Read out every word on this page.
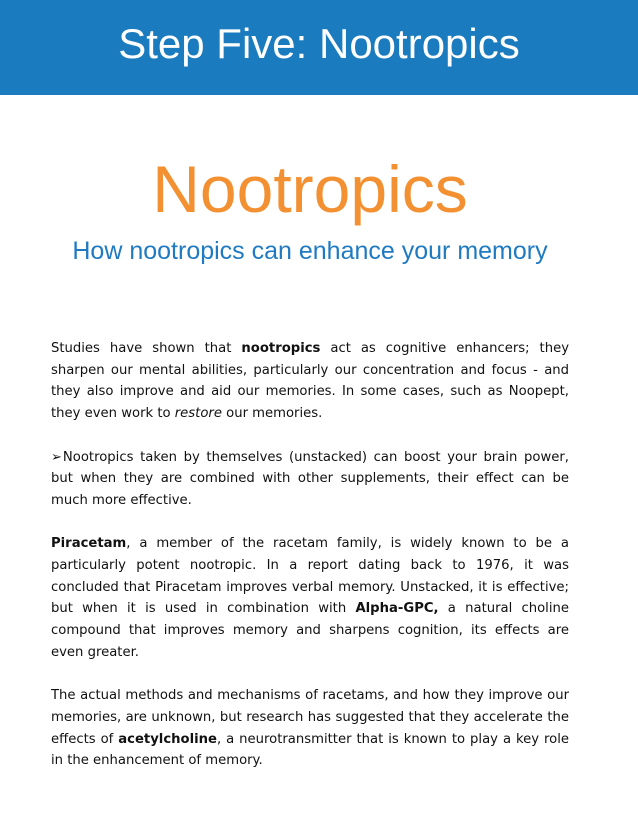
Step Five: Nootropics
Nootropics
How nootropics can enhance your memory

Studies have shown that nootropics act as cognitive enhancers; they sharpen our mental abilities, particularly our concentration and focus - and they also improve and aid our memories. In some cases, such as Noopept, they even work to restore our memories.

➢Nootropics taken by themselves (unstacked) can boost your brain power, but when they are combined with other supplements, their effect can be much more effective.

Piracetam, a member of the racetam family, is widely known to be a particularly potent nootropic. In a report dating back to 1976, it was concluded that Piracetam improves verbal memory. Unstacked, it is effective; but when it is used in combination with Alpha-GPC, a natural choline compound that improves memory and sharpens cognition, its effects are even greater.

The actual methods and mechanisms of racetams, and how they improve our memories, are unknown, but research has suggested that they accelerate the effects of acetylcholine, a neurotransmitter that is known to play a key role in the enhancement of memory.
